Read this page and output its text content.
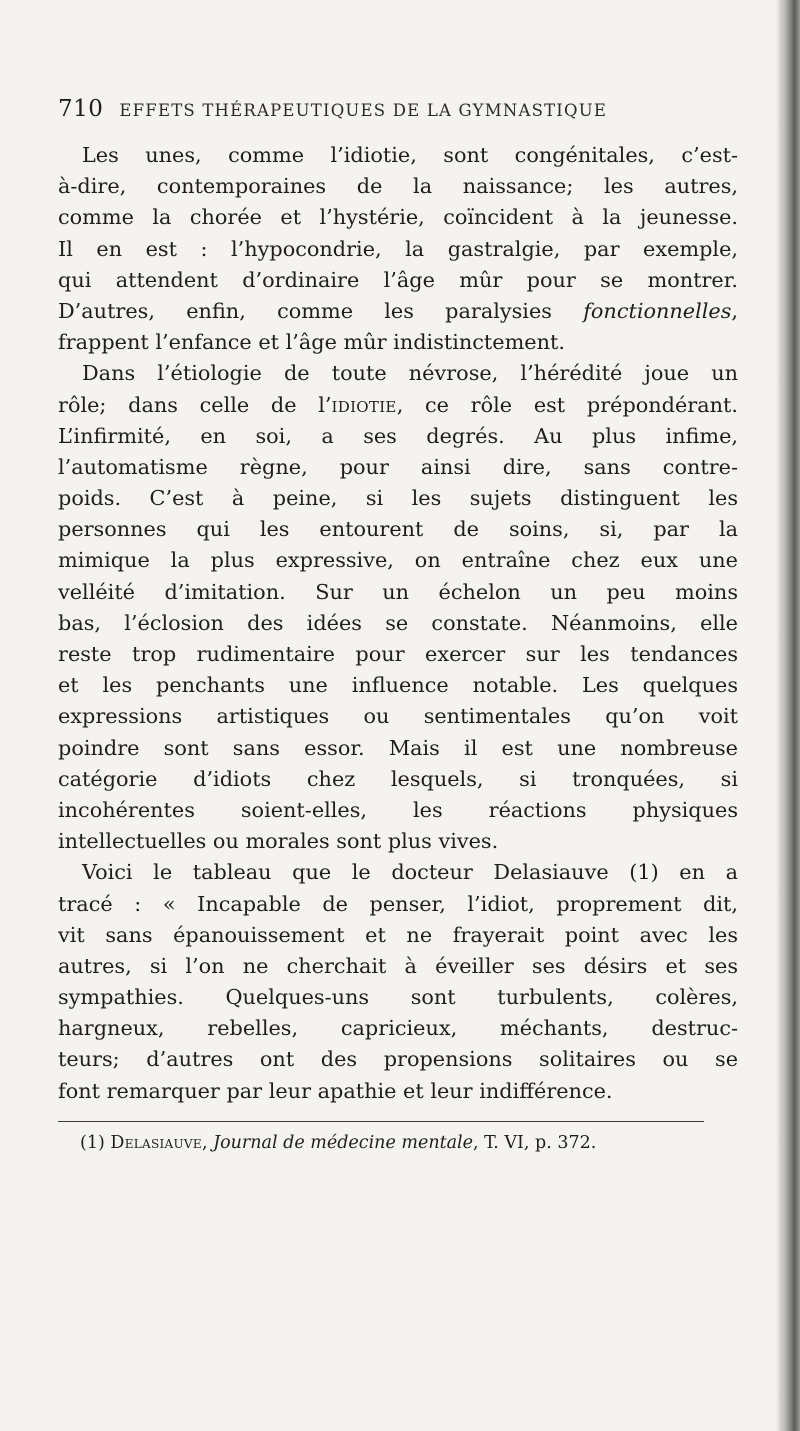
710 EFFETS THÉRAPEUTIQUES DE LA GYMNASTIQUE
Les unes, comme l’idiotie, sont congénitales, c’est-
à-dire, contemporaines de la naissance; les autres,
comme la chorée et l’hystérie, coïncident à la jeunesse.
Il en est : l’hypocondrie, la gastralgie, par exemple,
qui attendent d’ordinaire l’âge mûr pour se montrer.
D’autres, enfin, comme les paralysies fonctionnelles,
frappent l’enfance et l’âge mûr indistinctement.
Dans l’étiologie de toute névrose, l’hérédité joue un
rôle; dans celle de l’idiotie, ce rôle est prépondérant.
L’infirmité, en soi, a ses degrés. Au plus infime,
l’automatisme règne, pour ainsi dire, sans contre-
poids. C’est à peine, si les sujets distinguent les
personnes qui les entourent de soins, si, par la
mimique la plus expressive, on entraîne chez eux une
velléité d’imitation. Sur un échelon un peu moins
bas, l’éclosion des idées se constate. Néanmoins, elle
reste trop rudimentaire pour exercer sur les tendances
et les penchants une influence notable. Les quelques
expressions artistiques ou sentimentales qu’on voit
poindre sont sans essor. Mais il est une nombreuse
catégorie d’idiots chez lesquels, si tronquées, si
incohérentes soient-elles, les réactions physiques
intellectuelles ou morales sont plus vives.
Voici le tableau que le docteur Delasiauve (1) en a
tracé : « Incapable de penser, l’idiot, proprement dit,
vit sans épanouissement et ne frayerait point avec les
autres, si l’on ne cherchait à éveiller ses désirs et ses
sympathies. Quelques-uns sont turbulents, colères,
hargneux, rebelles, capricieux, méchants, destruc-
teurs; d’autres ont des propensions solitaires ou se
font remarquer par leur apathie et leur indifférence.
(1) Delasiauve, Journal de médecine mentale, T. VI, p. 372.
